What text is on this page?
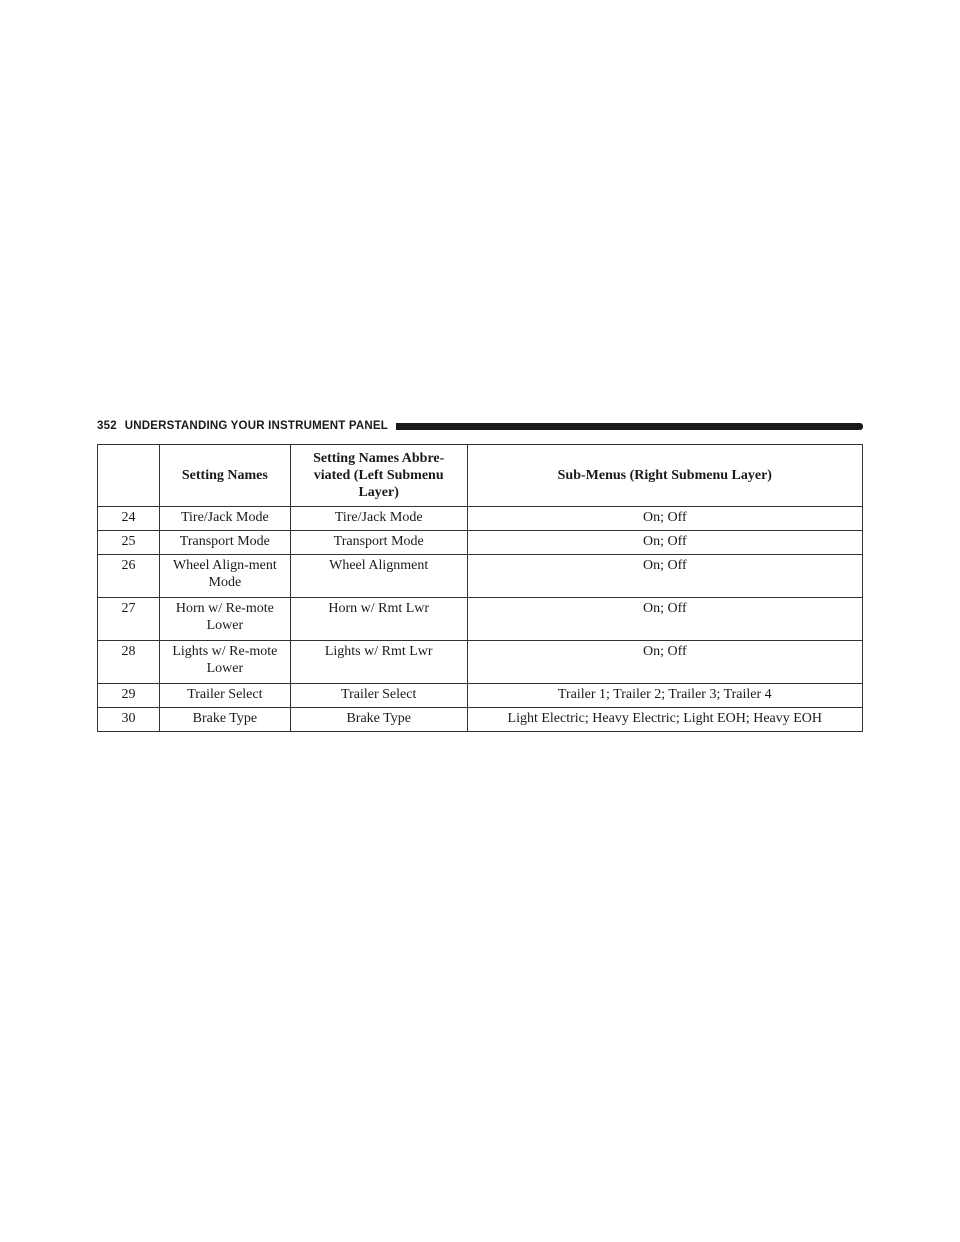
352 UNDERSTANDING YOUR INSTRUMENT PANEL
	Setting Names	Setting Names Abbre-viated (Left Submenu Layer)	Sub-Menus (Right Submenu Layer)
24	Tire/Jack Mode	Tire/Jack Mode	On; Off
25	Transport Mode	Transport Mode	On; Off
26	Wheel Align-ment Mode	Wheel Alignment	On; Off
27	Horn w/ Re-mote Lower	Horn w/ Rmt Lwr	On; Off
28	Lights w/ Re-mote Lower	Lights w/ Rmt Lwr	On; Off
29	Trailer Select	Trailer Select	Trailer 1; Trailer 2; Trailer 3; Trailer 4
30	Brake Type	Brake Type	Light Electric; Heavy Electric; Light EOH; Heavy EOH
